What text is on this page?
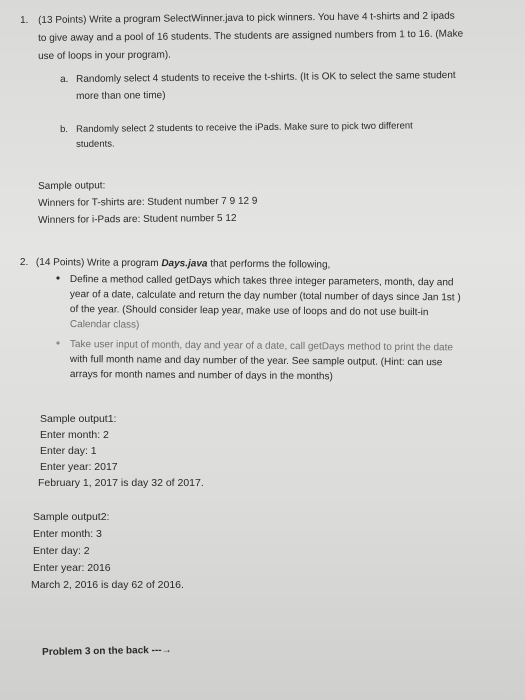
1. (13 Points) Write a program SelectWinner.java to pick winners. You have 4 t-shirts and 2 ipads
to give away and a pool of 16 students. The students are assigned numbers from 1 to 16. (Make
use of loops in your program).
a. Randomly select 4 students to receive the t-shirts. (It is OK to select the same student
more than one time)
b. Randomly select 2 students to receive the iPads. Make sure to pick two different
students.
Sample output:
Winners for T-shirts are: Student number 7 9 12 9
Winners for i-Pads are: Student number 5 12
2. (14 Points) Write a program Days.java that performs the following,
• Define a method called getDays which takes three integer parameters, month, day and
year of a date, calculate and return the day number (total number of days since Jan 1st )
of the year. (Should consider leap year, make use of loops and do not use built-in
Calendar class)
• Take user input of month, day and year of a date, call getDays method to print the date
with full month name and day number of the year. See sample output. (Hint: can use
arrays for month names and number of days in the months)
Sample output1:
Enter month: 2
Enter day: 1
Enter year: 2017
February 1, 2017 is day 32 of 2017.
Sample output2:
Enter month: 3
Enter day: 2
Enter year: 2016
March 2, 2016 is day 62 of 2016.
Problem 3 on the back ---→
